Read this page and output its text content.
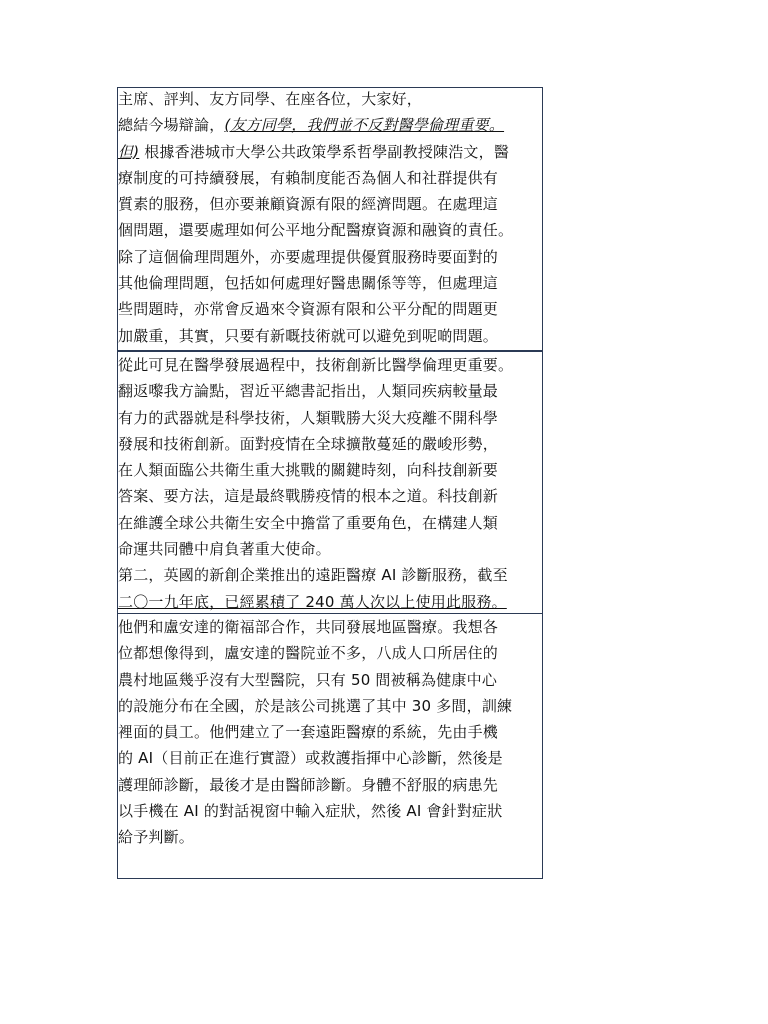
主席、評判、友方同學、在座各位，大家好，
總結今場辯論，(友方同學，我們並不反對醫學倫理重要。
但) 根據香港城市大學公共政策學系哲學副教授陳浩文，醫
療制度的可持續發展，有賴制度能否為個人和社群提供有
質素的服務，但亦要兼顧資源有限的經濟問題。在處理這
個問題，還要處理如何公平地分配醫療資源和融資的責任。
除了這個倫理問題外，亦要處理提供優質服務時要面對的
其他倫理問題，包括如何處理好醫患關係等等，但處理這
些問題時，亦常會反過來令資源有限和公平分配的問題更
加嚴重，其實，只要有新嘅技術就可以避免到呢啲問題。
從此可見在醫學發展過程中，技術創新比醫學倫理更重要。
翻返嚟我方論點，習近平總書記指出，人類同疾病較量最
有力的武器就是科學技術，人類戰勝大災大疫離不開科學
發展和技術創新。面對疫情在全球擴散蔓延的嚴峻形勢，
在人類面臨公共衛生重大挑戰的關鍵時刻，向科技創新要
答案、要方法，這是最終戰勝疫情的根本之道。科技創新
在維護全球公共衛生安全中擔當了重要角色，在構建人類
命運共同體中肩負著重大使命。
第二，英國的新創企業推出的遠距醫療 AI 診斷服務，截至
二〇一九年底，已經累積了 240 萬人次以上使用此服務。
他們和盧安達的衛福部合作，共同發展地區醫療。我想各
位都想像得到，盧安達的醫院並不多，八成人口所居住的
農村地區幾乎沒有大型醫院，只有 50 間被稱為健康中心
的設施分布在全國，於是該公司挑選了其中 30 多間，訓練
裡面的員工。他們建立了一套遠距醫療的系統，先由手機
的 AI（目前正在進行實證）或救護指揮中心診斷，然後是
護理師診斷，最後才是由醫師診斷。身體不舒服的病患先
以手機在 AI 的對話視窗中輸入症狀，然後 AI 會針對症狀
給予判斷。
